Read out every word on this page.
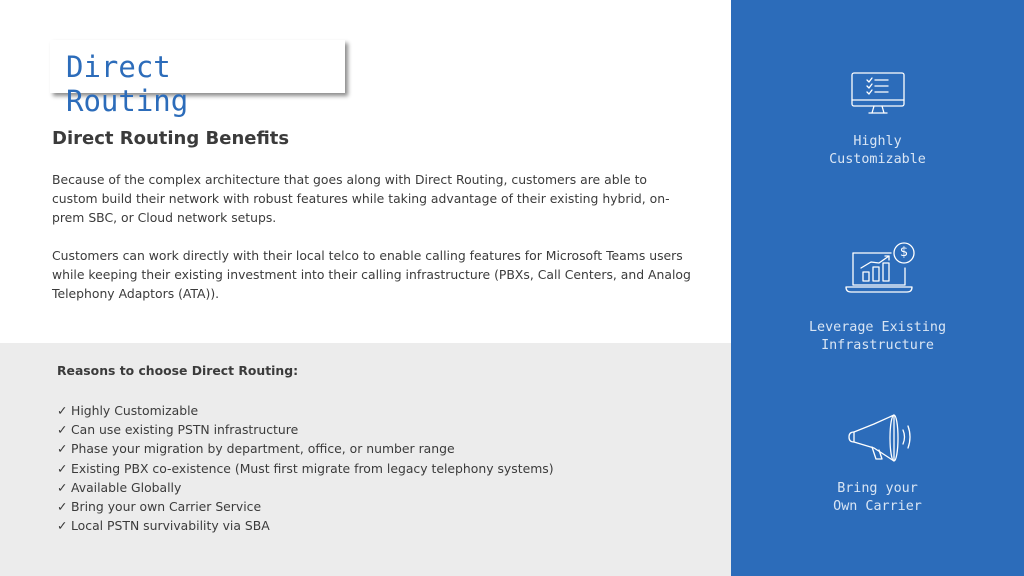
Direct
Routing
Direct Routing Benefits

Because of the complex architecture that goes along with Direct Routing, customers are able to custom build their network with robust features while taking advantage of their existing hybrid, on-prem SBC, or Cloud network setups.

Customers can work directly with their local telco to enable calling features for Microsoft Teams users while keeping their existing investment into their calling infrastructure (PBXs, Call Centers, and Analog Telephony Adaptors (ATA)).

Reasons to choose Direct Routing:
✓ Highly Customizable
✓ Can use existing PSTN infrastructure
✓ Phase your migration by department, office, or number range
✓ Existing PBX co-existence (Must first migrate from legacy telephony systems)
✓ Available Globally
✓ Bring your own Carrier Service
✓ Local PSTN survivability via SBA
Highly
Customizable
$
Leverage Existing
Infrastructure
Bring your
Own Carrier
